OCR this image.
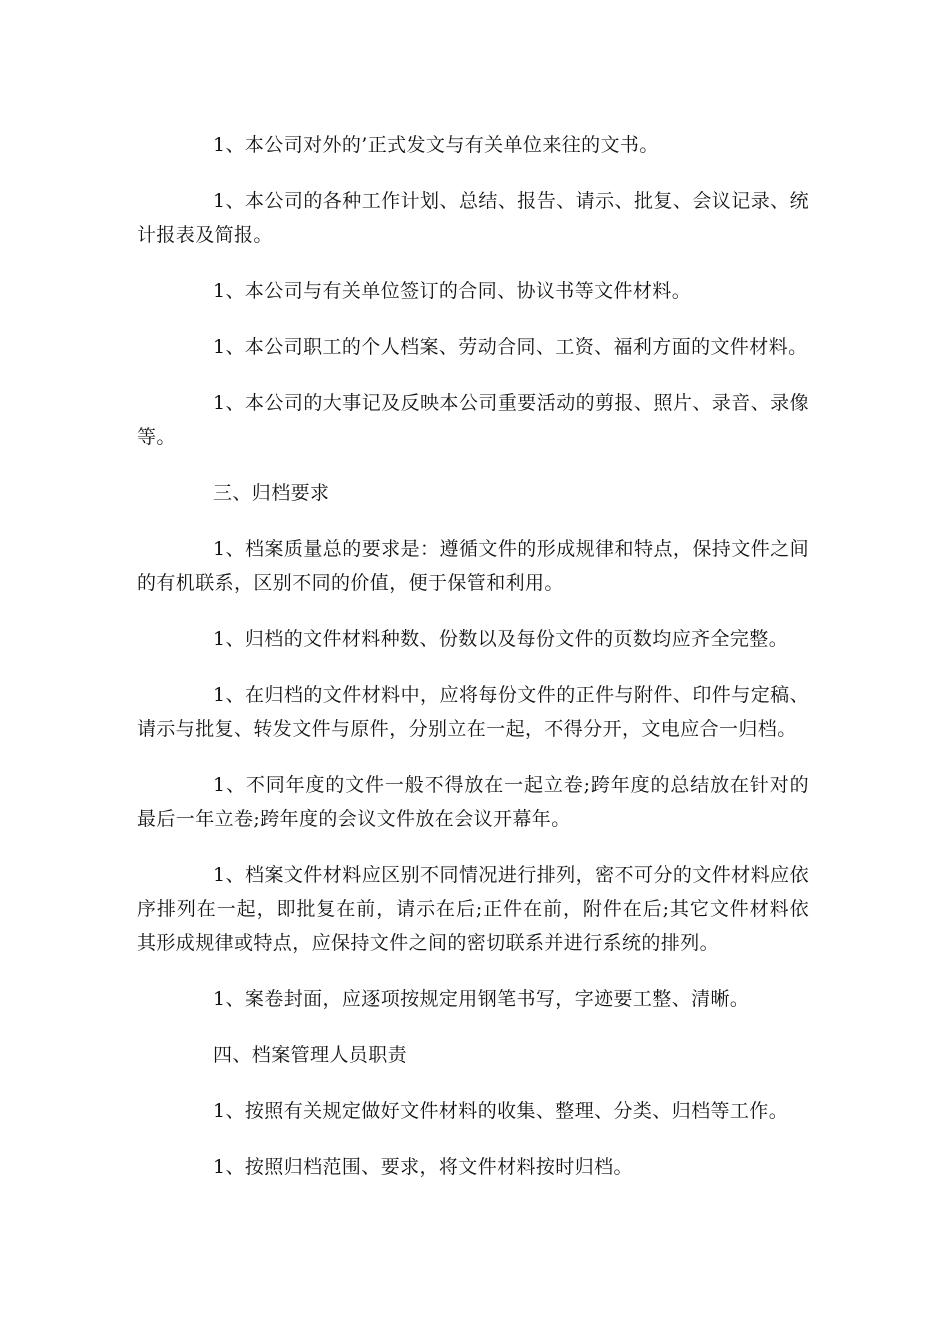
1、本公司对外的’正式发文与有关单位来往的文书。

1、本公司的各种工作计划、总结、报告、请示、批复、会议记录、统计报表及简报。

1、本公司与有关单位签订的合同、协议书等文件材料。

1、本公司职工的个人档案、劳动合同、工资、福利方面的文件材料。

1、本公司的大事记及反映本公司重要活动的剪报、照片、录音、录像等。

三、归档要求

1、档案质量总的要求是：遵循文件的形成规律和特点，保持文件之间的有机联系，区别不同的价值，便于保管和利用。

1、归档的文件材料种数、份数以及每份文件的页数均应齐全完整。

1、在归档的文件材料中，应将每份文件的正件与附件、印件与定稿、请示与批复、转发文件与原件，分别立在一起，不得分开，文电应合一归档。

1、不同年度的文件一般不得放在一起立卷;跨年度的总结放在针对的最后一年立卷;跨年度的会议文件放在会议开幕年。

1、档案文件材料应区别不同情况进行排列，密不可分的文件材料应依序排列在一起，即批复在前，请示在后;正件在前，附件在后;其它文件材料依其形成规律或特点，应保持文件之间的密切联系并进行系统的排列。

1、案卷封面，应逐项按规定用钢笔书写，字迹要工整、清晰。

四、档案管理人员职责

1、按照有关规定做好文件材料的收集、整理、分类、归档等工作。

1、按照归档范围、要求，将文件材料按时归档。
